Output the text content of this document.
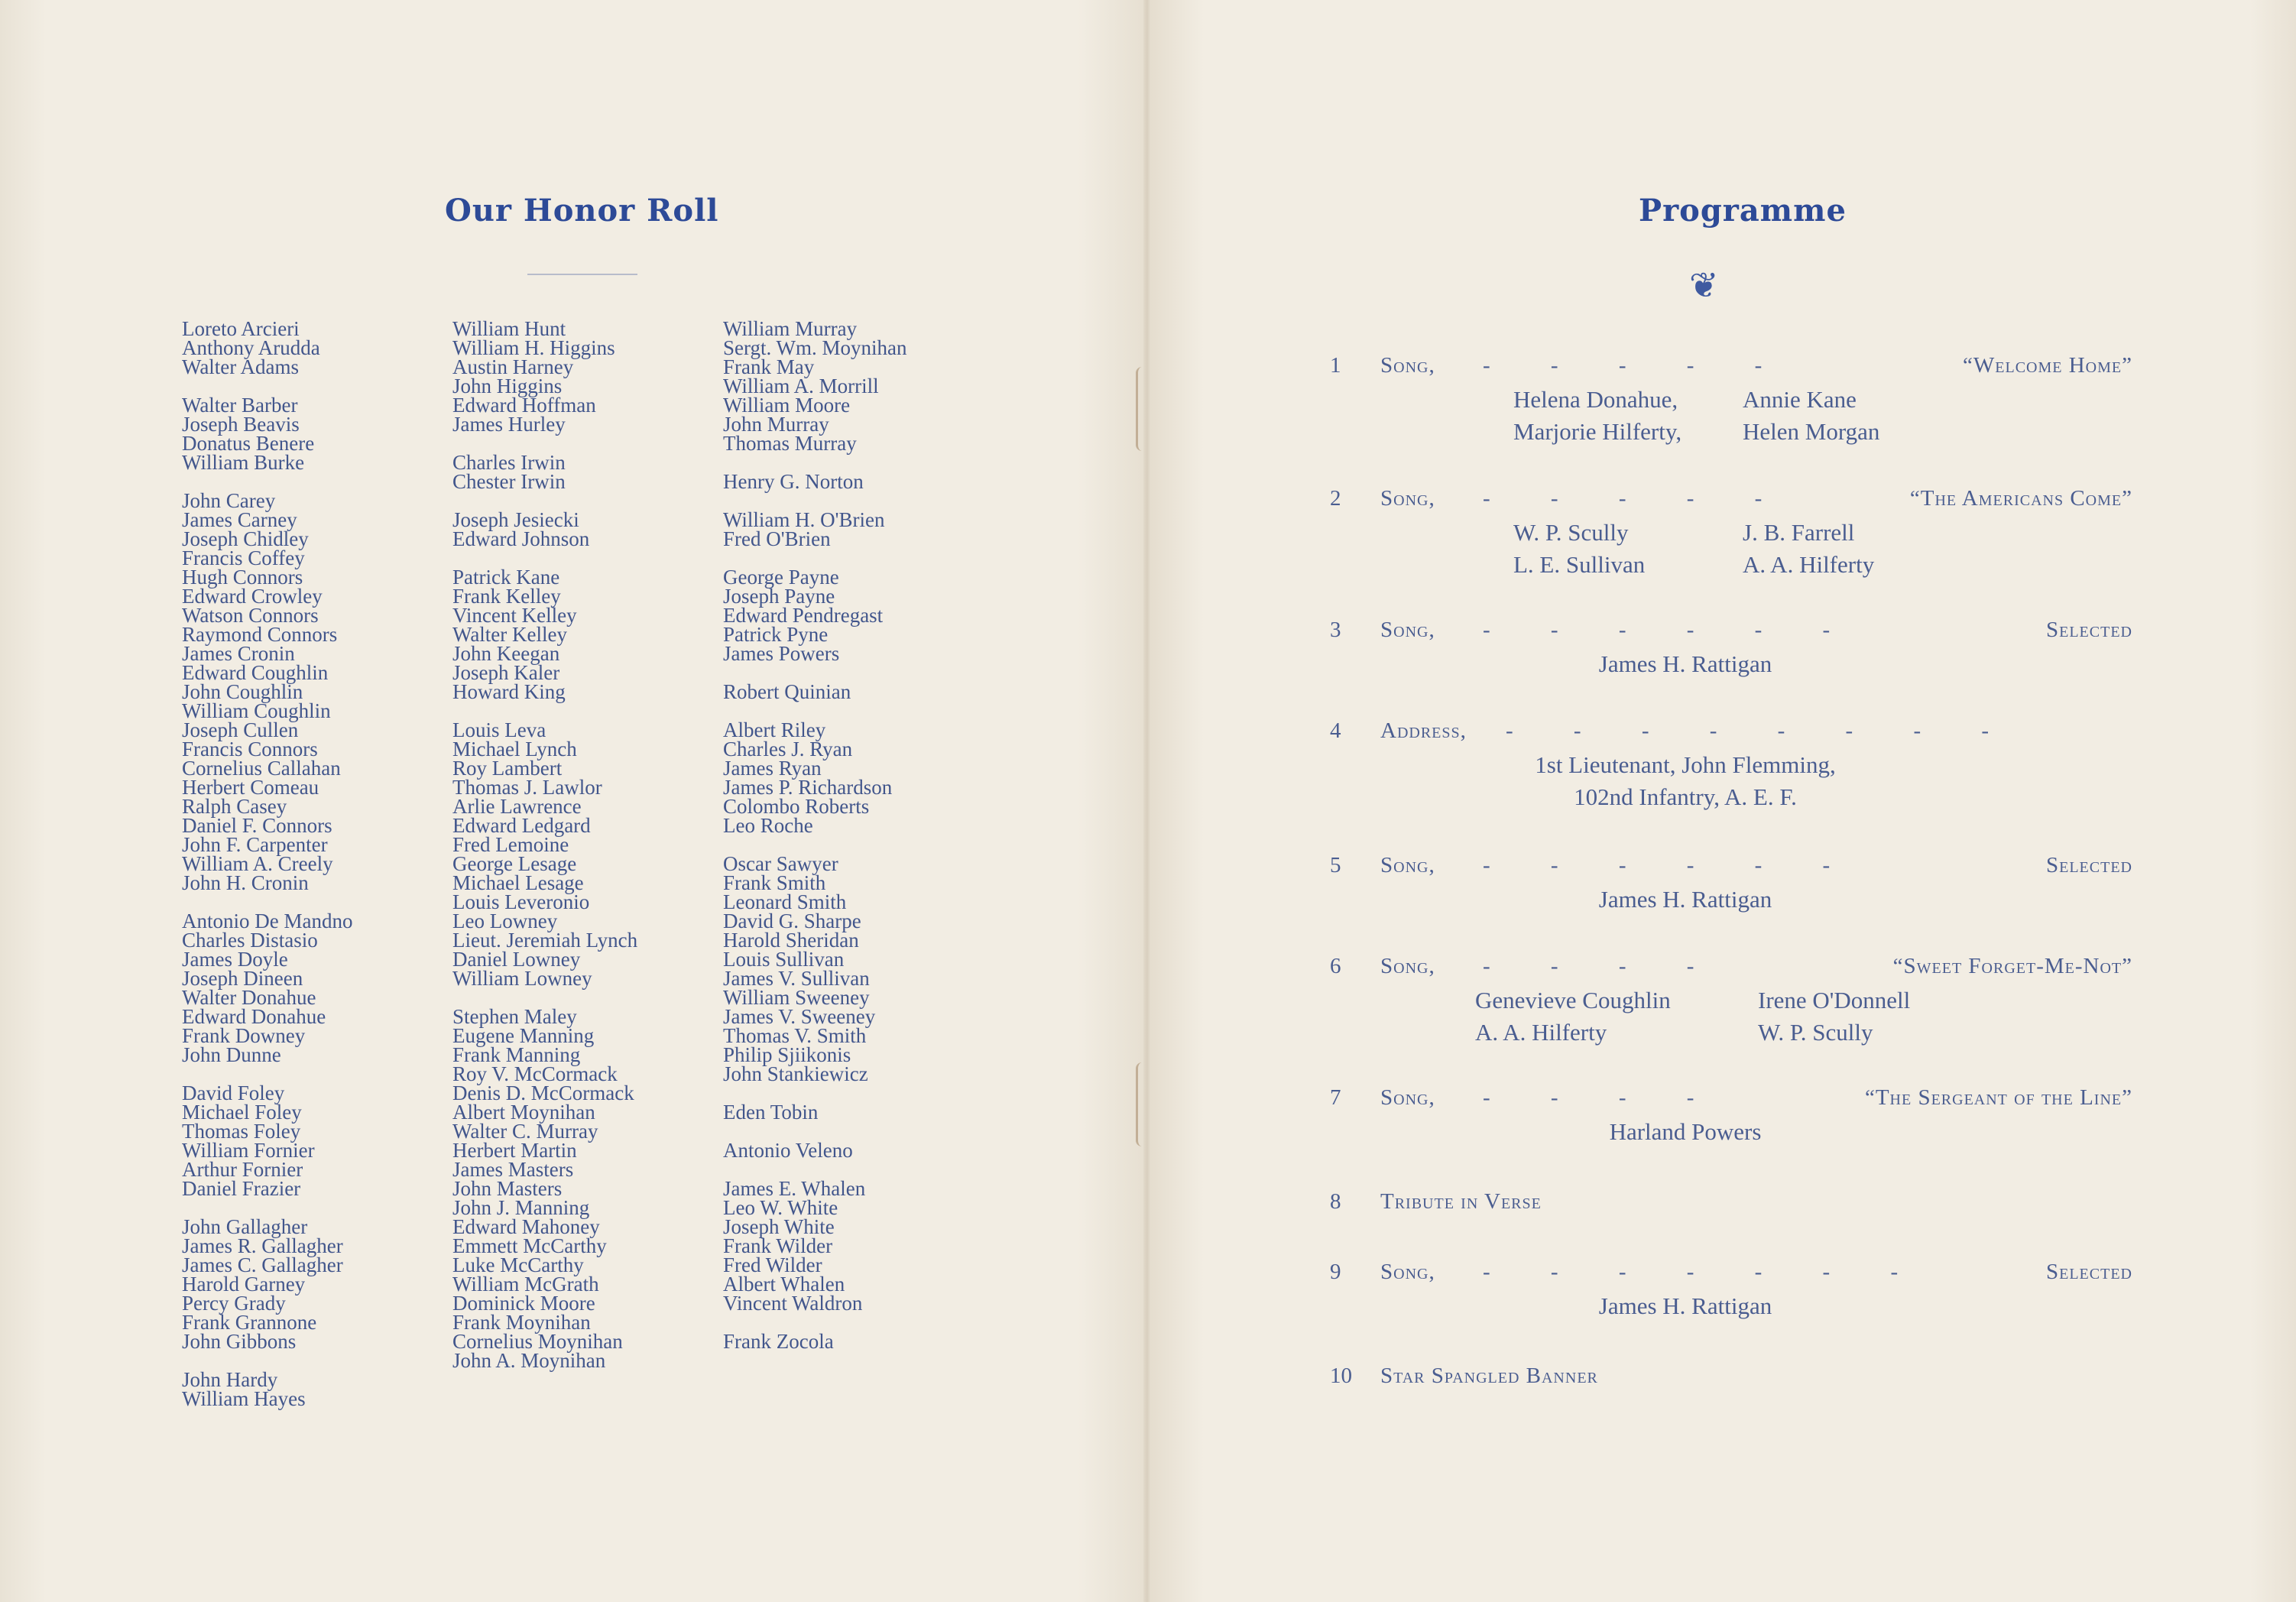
Our Honor Roll
Loreto Arcieri
Anthony Arudda
Walter Adams
Walter Barber
Joseph Beavis
Donatus Benere
William Burke
John Carey
James Carney
Joseph Chidley
Francis Coffey
Hugh Connors
Edward Crowley
Watson Connors
Raymond Connors
James Cronin
Edward Coughlin
John Coughlin
William Coughlin
Joseph Cullen
Francis Connors
Cornelius Callahan
Herbert Comeau
Ralph Casey
Daniel F. Connors
John F. Carpenter
William A. Creely
John H. Cronin
Antonio De Mandno
Charles Distasio
James Doyle
Joseph Dineen
Walter Donahue
Edward Donahue
Frank Downey
John Dunne
David Foley
Michael Foley
Thomas Foley
William Fornier
Arthur Fornier
Daniel Frazier
John Gallagher
James R. Gallagher
James C. Gallagher
Harold Garney
Percy Grady
Frank Grannone
John Gibbons
John Hardy
William Hayes
William Hunt
William H. Higgins
Austin Harney
John Higgins
Edward Hoffman
James Hurley
Charles Irwin
Chester Irwin
Joseph Jesiecki
Edward Johnson
Patrick Kane
Frank Kelley
Vincent Kelley
Walter Kelley
John Keegan
Joseph Kaler
Howard King
Louis Leva
Michael Lynch
Roy Lambert
Thomas J. Lawlor
Arlie Lawrence
Edward Ledgard
Fred Lemoine
George Lesage
Michael Lesage
Louis Leveronio
Leo Lowney
Lieut. Jeremiah Lynch
Daniel Lowney
William Lowney
Stephen Maley
Eugene Manning
Frank Manning
Roy V. McCormack
Denis D. McCormack
Albert Moynihan
Walter C. Murray
Herbert Martin
James Masters
John Masters
John J. Manning
Edward Mahoney
Emmett McCarthy
Luke McCarthy
William McGrath
Dominick Moore
Frank Moynihan
Cornelius Moynihan
John A. Moynihan
William Murray
Sergt. Wm. Moynihan
Frank May
William A. Morrill
William Moore
John Murray
Thomas Murray
Henry G. Norton
William H. O'Brien
Fred O'Brien
George Payne
Joseph Payne
Edward Pendregast
Patrick Pyne
James Powers
Robert Quinian
Albert Riley
Charles J. Ryan
James Ryan
James P. Richardson
Colombo Roberts
Leo Roche
Oscar Sawyer
Frank Smith
Leonard Smith
David G. Sharpe
Harold Sheridan
Louis Sullivan
James V. Sullivan
William Sweeney
James V. Sweeney
Thomas V. Smith
Philip Sjiikonis
John Stankiewicz
Eden Tobin
Antonio Veleno
James E. Whalen
Leo W. White
Joseph White
Frank Wilder
Fred Wilder
Albert Whalen
Vincent Waldron
Frank Zocola
Programme
❦
1 Song, - - - - -	“Welcome Home”
Helena Donahue,	Annie Kane
Marjorie Hilferty,	Helen Morgan
2 Song, - - - - -	“The Americans Come”
W. P. Scully	J. B. Farrell
L. E. Sullivan	A. A. Hilferty
3 Song, - - - - - -	Selected
James H. Rattigan
4 Address, - - - - - - - -
1st Lieutenant, John Flemming,
102nd Infantry, A. E. F.
5 Song, - - - - - -	Selected
James H. Rattigan
6 Song, - - - -	“Sweet Forget-Me-Not”
Genevieve Coughlin	Irene O'Donnell
A. A. Hilferty	W. P. Scully
7 Song, - - - -	“The Sergeant of the Line”
Harland Powers
8 Tribute in Verse
9 Song, - - - - - - -	Selected
James H. Rattigan
10 Star Spangled Banner
